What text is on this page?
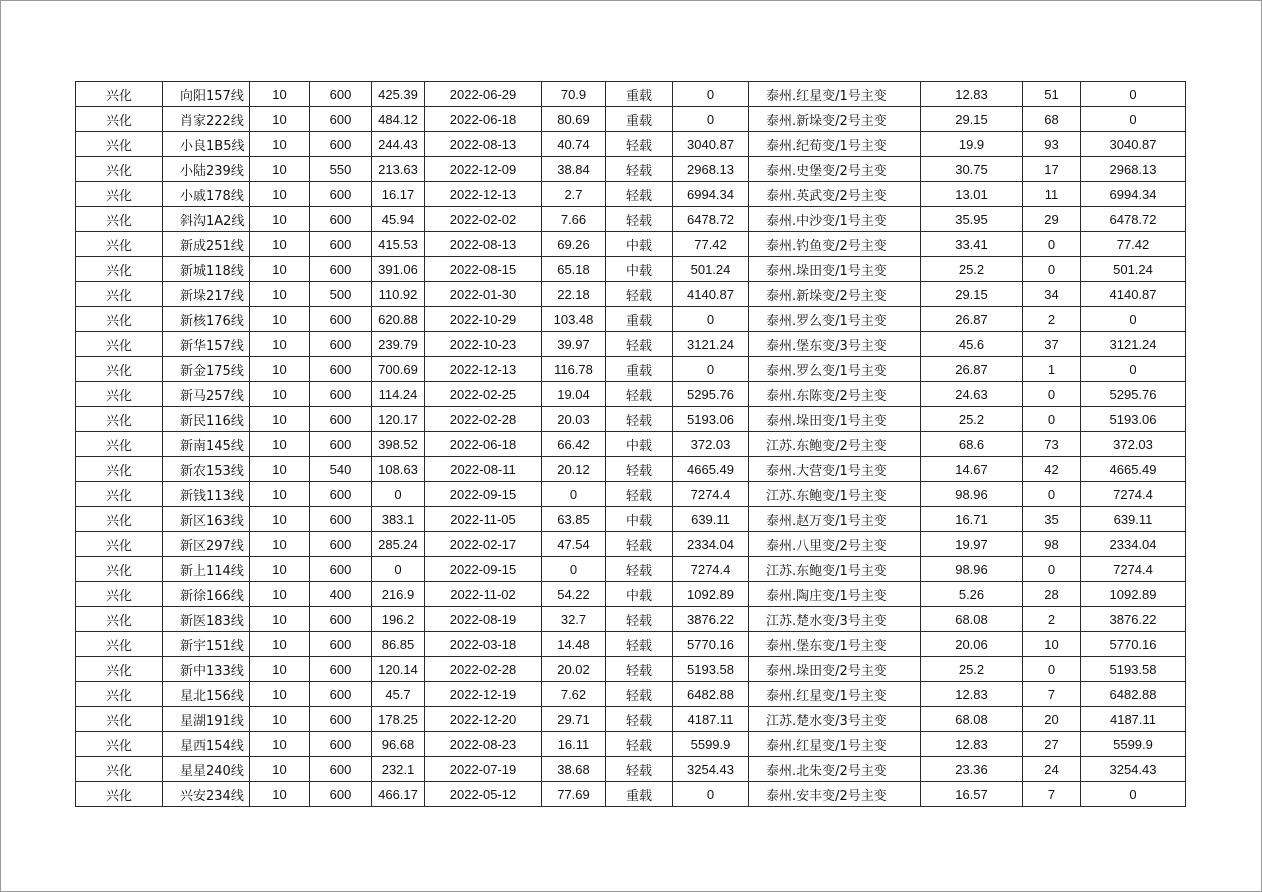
兴化	向阳157线	10	600	425.39	2022-06-29	70.9	重载	0	泰州.红星变/1号主变	12.83	51	0
兴化	肖家222线	10	600	484.12	2022-06-18	80.69	重载	0	泰州.新垛变/2号主变	29.15	68	0
兴化	小良1B5线	10	600	244.43	2022-08-13	40.74	轻载	3040.87	泰州.纪荀变/1号主变	19.9	93	3040.87
兴化	小陆239线	10	550	213.63	2022-12-09	38.84	轻载	2968.13	泰州.史堡变/2号主变	30.75	17	2968.13
兴化	小戚178线	10	600	16.17	2022-12-13	2.7	轻载	6994.34	泰州.英武变/2号主变	13.01	11	6994.34
兴化	斜沟1A2线	10	600	45.94	2022-02-02	7.66	轻载	6478.72	泰州.中沙变/1号主变	35.95	29	6478.72
兴化	新成251线	10	600	415.53	2022-08-13	69.26	中载	77.42	泰州.钓鱼变/2号主变	33.41	0	77.42
兴化	新城118线	10	600	391.06	2022-08-15	65.18	中载	501.24	泰州.垛田变/1号主变	25.2	0	501.24
兴化	新垛217线	10	500	110.92	2022-01-30	22.18	轻载	4140.87	泰州.新垛变/2号主变	29.15	34	4140.87
兴化	新核176线	10	600	620.88	2022-10-29	103.48	重载	0	泰州.罗么变/1号主变	26.87	2	0
兴化	新华157线	10	600	239.79	2022-10-23	39.97	轻载	3121.24	泰州.堡东变/3号主变	45.6	37	3121.24
兴化	新金175线	10	600	700.69	2022-12-13	116.78	重载	0	泰州.罗么变/1号主变	26.87	1	0
兴化	新马257线	10	600	114.24	2022-02-25	19.04	轻载	5295.76	泰州.东陈变/2号主变	24.63	0	5295.76
兴化	新民116线	10	600	120.17	2022-02-28	20.03	轻载	5193.06	泰州.垛田变/1号主变	25.2	0	5193.06
兴化	新南145线	10	600	398.52	2022-06-18	66.42	中载	372.03	江苏.东鲍变/2号主变	68.6	73	372.03
兴化	新农153线	10	540	108.63	2022-08-11	20.12	轻载	4665.49	泰州.大营变/1号主变	14.67	42	4665.49
兴化	新钱113线	10	600	0	2022-09-15	0	轻载	7274.4	江苏.东鲍变/1号主变	98.96	0	7274.4
兴化	新区163线	10	600	383.1	2022-11-05	63.85	中载	639.11	泰州.赵万变/1号主变	16.71	35	639.11
兴化	新区297线	10	600	285.24	2022-02-17	47.54	轻载	2334.04	泰州.八里变/2号主变	19.97	98	2334.04
兴化	新上114线	10	600	0	2022-09-15	0	轻载	7274.4	江苏.东鲍变/1号主变	98.96	0	7274.4
兴化	新徐166线	10	400	216.9	2022-11-02	54.22	中载	1092.89	泰州.陶庄变/1号主变	5.26	28	1092.89
兴化	新医183线	10	600	196.2	2022-08-19	32.7	轻载	3876.22	江苏.楚水变/3号主变	68.08	2	3876.22
兴化	新宇151线	10	600	86.85	2022-03-18	14.48	轻载	5770.16	泰州.堡东变/1号主变	20.06	10	5770.16
兴化	新中133线	10	600	120.14	2022-02-28	20.02	轻载	5193.58	泰州.垛田变/2号主变	25.2	0	5193.58
兴化	星北156线	10	600	45.7	2022-12-19	7.62	轻载	6482.88	泰州.红星变/1号主变	12.83	7	6482.88
兴化	星湖191线	10	600	178.25	2022-12-20	29.71	轻载	4187.11	江苏.楚水变/3号主变	68.08	20	4187.11
兴化	星西154线	10	600	96.68	2022-08-23	16.11	轻载	5599.9	泰州.红星变/1号主变	12.83	27	5599.9
兴化	星星240线	10	600	232.1	2022-07-19	38.68	轻载	3254.43	泰州.北朱变/2号主变	23.36	24	3254.43
兴化	兴安234线	10	600	466.17	2022-05-12	77.69	重载	0	泰州.安丰变/2号主变	16.57	7	0
